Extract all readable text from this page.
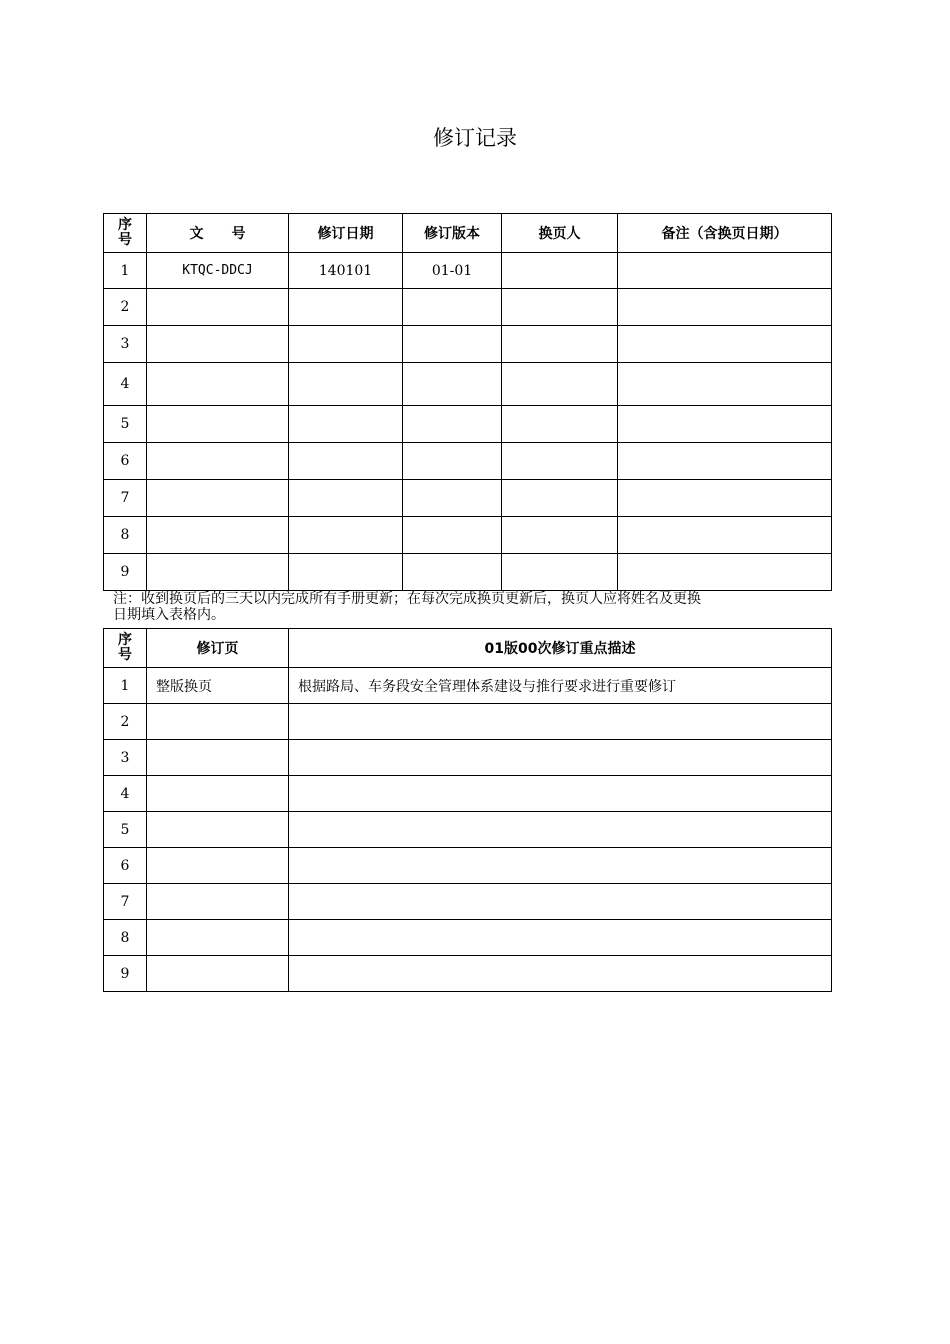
修订记录
序
号	文　　号	修订日期	修订版本	换页人	备注（含换页日期）
1	KTQC-DDCJ	140101	01-01		
2					
3					
4					
5					
6					
7					
8					
9					
注：收到换页后的三天以内完成所有手册更新；在每次完成换页更新后，换页人应将姓名及更换
日期填入表格内。
序
号	修订页	01版00次修订重点描述
1	整版换页	根据路局、车务段安全管理体系建设与推行要求进行重要修订
2		
3		
4		
5		
6		
7		
8		
9		
